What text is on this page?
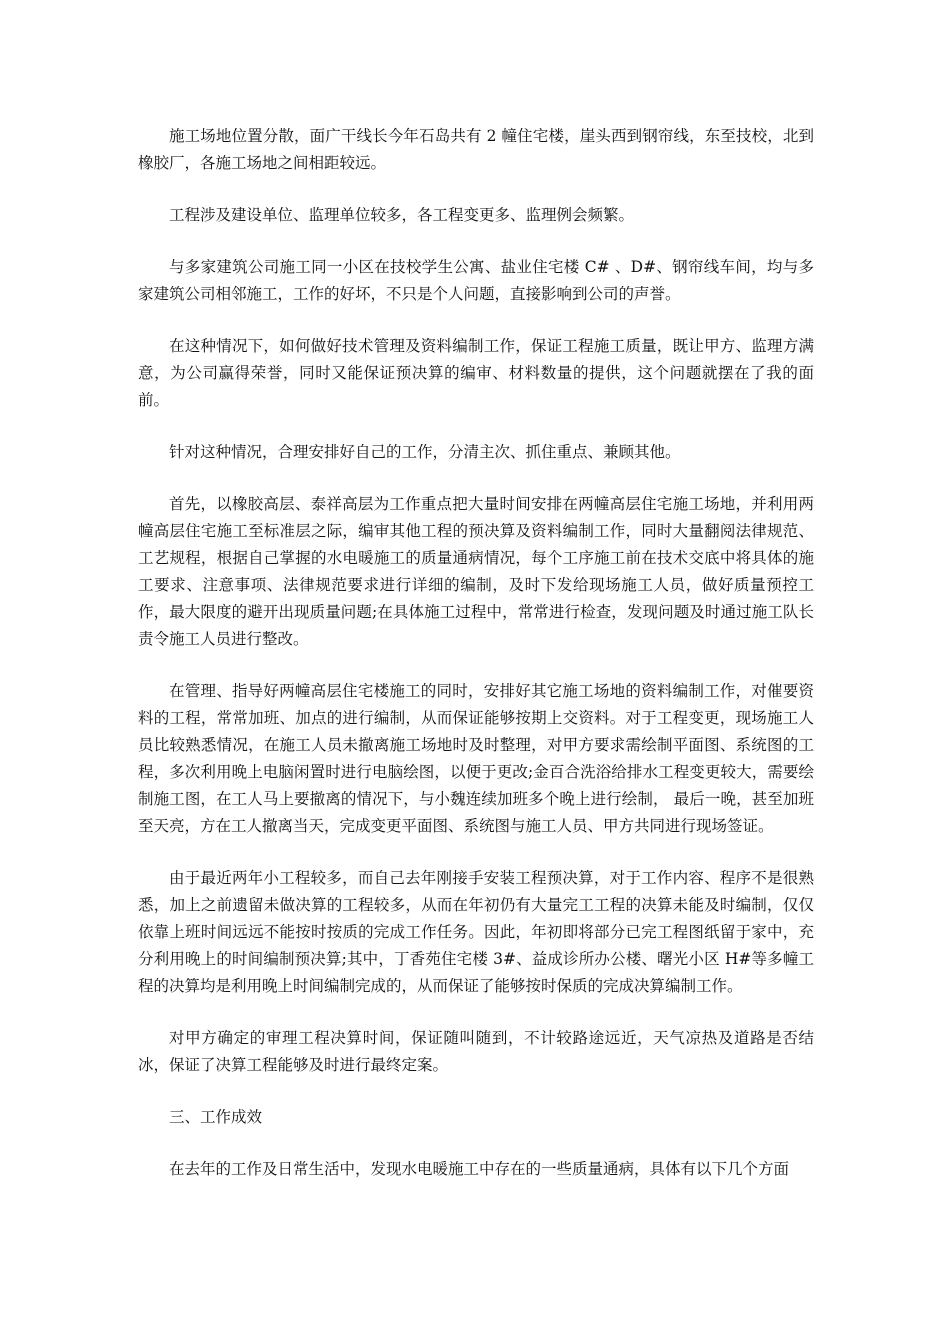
施工场地位置分散，面广干线长今年石岛共有 2 幢住宅楼，崖头西到钢帘线，东至技校，北到橡胶厂，各施工场地之间相距较远。

工程涉及建设单位、监理单位较多，各工程变更多、监理例会频繁。

与多家建筑公司施工同一小区在技校学生公寓、盐业住宅楼 C# 、D#、钢帘线车间，均与多家建筑公司相邻施工，工作的好坏，不只是个人问题，直接影响到公司的声誉。

在这种情况下，如何做好技术管理及资料编制工作，保证工程施工质量，既让甲方、监理方满意，为公司赢得荣誉，同时又能保证预决算的编审、材料数量的提供，这个问题就摆在了我的面前。

针对这种情况，合理安排好自己的工作，分清主次、抓住重点、兼顾其他。

首先，以橡胶高层、泰祥高层为工作重点把大量时间安排在两幢高层住宅施工场地，并利用两幢高层住宅施工至标准层之际，编审其他工程的预决算及资料编制工作，同时大量翻阅法律规范、工艺规程，根据自己掌握的水电暖施工的质量通病情况，每个工序施工前在技术交底中将具体的施工要求、注意事项、法律规范要求进行详细的编制，及时下发给现场施工人员，做好质量预控工作，最大限度的避开出现质量问题;在具体施工过程中，常常进行检查，发现问题及时通过施工队长责令施工人员进行整改。

在管理、指导好两幢高层住宅楼施工的同时，安排好其它施工场地的资料编制工作，对催要资料的工程，常常加班、加点的进行编制，从而保证能够按期上交资料。对于工程变更，现场施工人员比较熟悉情况，在施工人员未撤离施工场地时及时整理，对甲方要求需绘制平面图、系统图的工程，多次利用晚上电脑闲置时进行电脑绘图，以便于更改;金百合洗浴给排水工程变更较大，需要绘制施工图，在工人马上要撤离的情况下，与小魏连续加班多个晚上进行绘制， 最后一晚，甚至加班至天亮，方在工人撤离当天，完成变更平面图、系统图与施工人员、甲方共同进行现场签证。

由于最近两年小工程较多，而自己去年刚接手安装工程预决算，对于工作内容、程序不是很熟悉，加上之前遗留未做决算的工程较多，从而在年初仍有大量完工工程的决算未能及时编制，仅仅依靠上班时间远远不能按时按质的完成工作任务。因此，年初即将部分已完工程图纸留于家中，充分利用晚上的时间编制预决算;其中，丁香苑住宅楼 3#、益成诊所办公楼、曙光小区 H#等多幢工程的决算均是利用晚上时间编制完成的，从而保证了能够按时保质的完成决算编制工作。

对甲方确定的审理工程决算时间，保证随叫随到，不计较路途远近，天气凉热及道路是否结冰，保证了决算工程能够及时进行最终定案。

三、工作成效

在去年的工作及日常生活中，发现水电暖施工中存在的一些质量通病，具体有以下几个方面
